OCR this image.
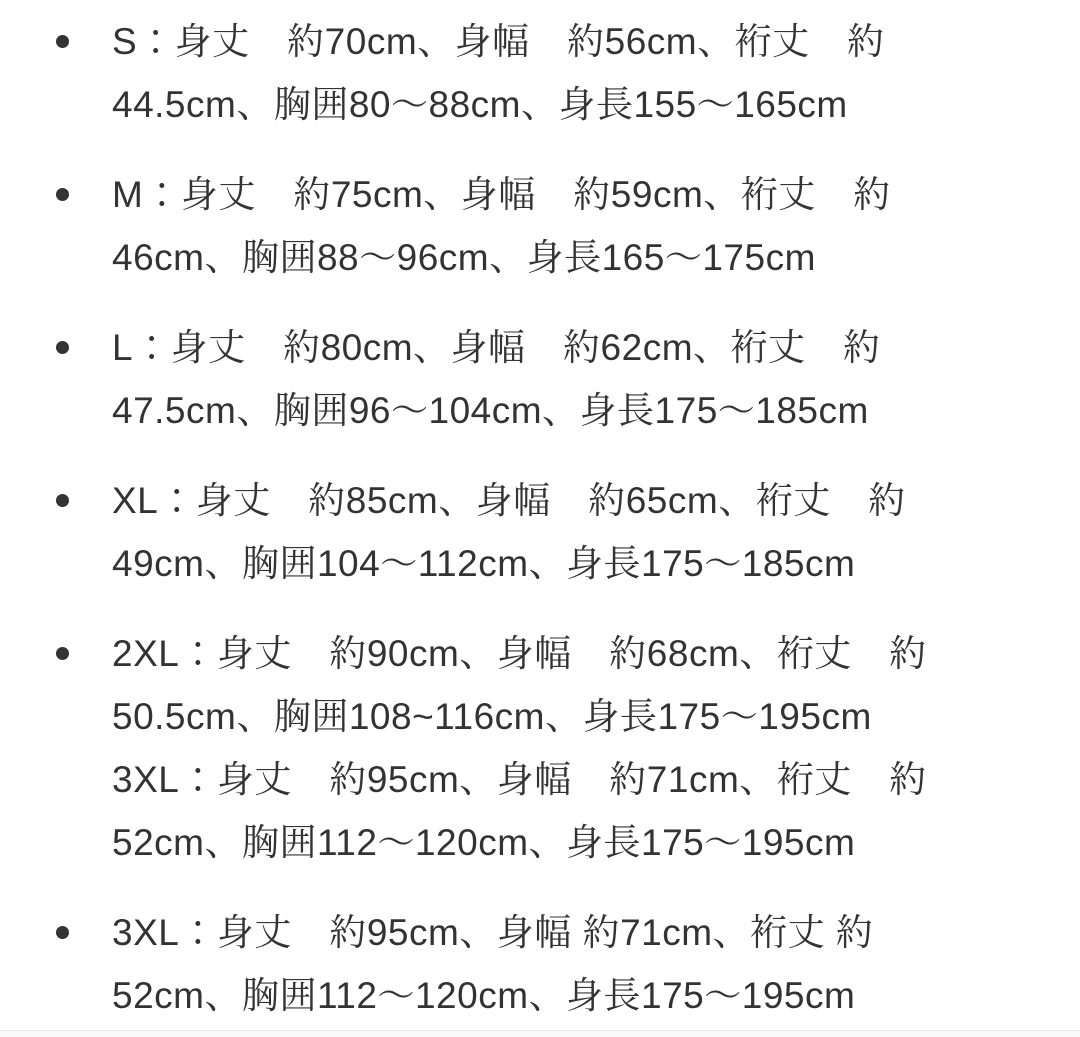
S：身丈　約70cm、身幅　約56cm、裄丈　約
44.5cm、胸囲80〜88cm、身長155〜165cm
M：身丈　約75cm、身幅　約59cm、裄丈　約
46cm、胸囲88〜96cm、身長165〜175cm
L：身丈　約80cm、身幅　約62cm、裄丈　約
47.5cm、胸囲96〜104cm、身長175〜185cm
XL：身丈　約85cm、身幅　約65cm、裄丈　約
49cm、胸囲104〜112cm、身長175〜185cm
2XL：身丈　約90cm、身幅　約68cm、裄丈　約
50.5cm、胸囲108~116cm、身長175〜195cm
3XL：身丈　約95cm、身幅　約71cm、裄丈　約
52cm、胸囲112〜120cm、身長175〜195cm
3XL：身丈　約95cm、身幅 約71cm、裄丈 約
52cm、胸囲112〜120cm、身長175〜195cm
